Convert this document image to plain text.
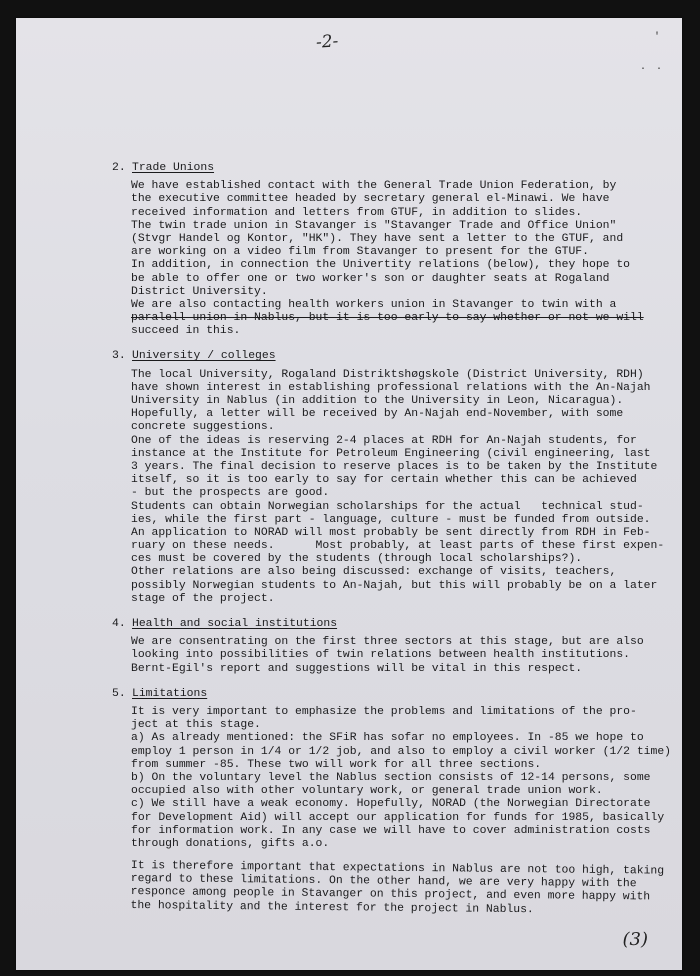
-2-	'
. .
2. Trade Unions
We have established contact with the General Trade Union Federation, by
the executive committee headed by secretary general el-Minawi. We have
received information and letters from GTUF, in addition to slides.
The twin trade union in Stavanger is "Stavanger Trade and Office Union"
(Stvgr Handel og Kontor, "HK"). They have sent a letter to the GTUF, and
are working on a video film from Stavanger to present for the GTUF.
In addition, in connection the Univertity relations (below), they hope to
be able to offer one or two worker's son or daughter seats at Rogaland
District University.
We are also contacting health workers union in Stavanger to twin with a
paralell union in Nablus, but it is too early to say whether or not we will
succeed in this.
3. University / colleges
The local University, Rogaland Distriktshøgskole (District University, RDH)
have shown interest in establishing professional relations with the An-Najah
University in Nablus (in addition to the University in Leon, Nicaragua).
Hopefully, a letter will be received by An-Najah end-November, with some
concrete suggestions.
One of the ideas is reserving 2-4 places at RDH for An-Najah students, for
instance at the Institute for Petroleum Engineering (civil engineering, last
3 years. The final decision to reserve places is to be taken by the Institute
itself, so it is too early to say for certain whether this can be achieved
- but the prospects are good.
Students can obtain Norwegian scholarships for the actual   technical stud-
ies, while the first part - language, culture - must be funded from outside.
An application to NORAD will most probably be sent directly from RDH in Feb-
ruary on these needs.      Most probably, at least parts of these first expen-
ces must be covered by the students (through local scholarships?).
Other relations are also being discussed: exchange of visits, teachers,
possibly Norwegian students to An-Najah, but this will probably be on a later
stage of the project.
4. Health and social institutions
We are consentrating on the first three sectors at this stage, but are also
looking into possibilities of twin relations between health institutions.
Bernt-Egil's report and suggestions will be vital in this respect.
5. Limitations
It is very important to emphasize the problems and limitations of the pro-
ject at this stage.
a) As already mentioned: the SFiR has sofar no employees. In -85 we hope to
employ 1 person in 1/4 or 1/2 job, and also to employ a civil worker (1/2 time)
from summer -85. These two will work for all three sections.
b) On the voluntary level the Nablus section consists of 12-14 persons, some
occupied also with other voluntary work, or general trade union work.
c) We still have a weak economy. Hopefully, NORAD (the Norwegian Directorate
for Development Aid) will accept our application for funds for 1985, basically
for information work. In any case we will have to cover administration costs
through donations, gifts a.o.
It is therefore important that expectations in Nablus are not too high, taking
regard to these limitations. On the other hand, we are very happy with the
responce among people in Stavanger on this project, and even more happy with
the hospitality and the interest for the project in Nablus.
(3)
